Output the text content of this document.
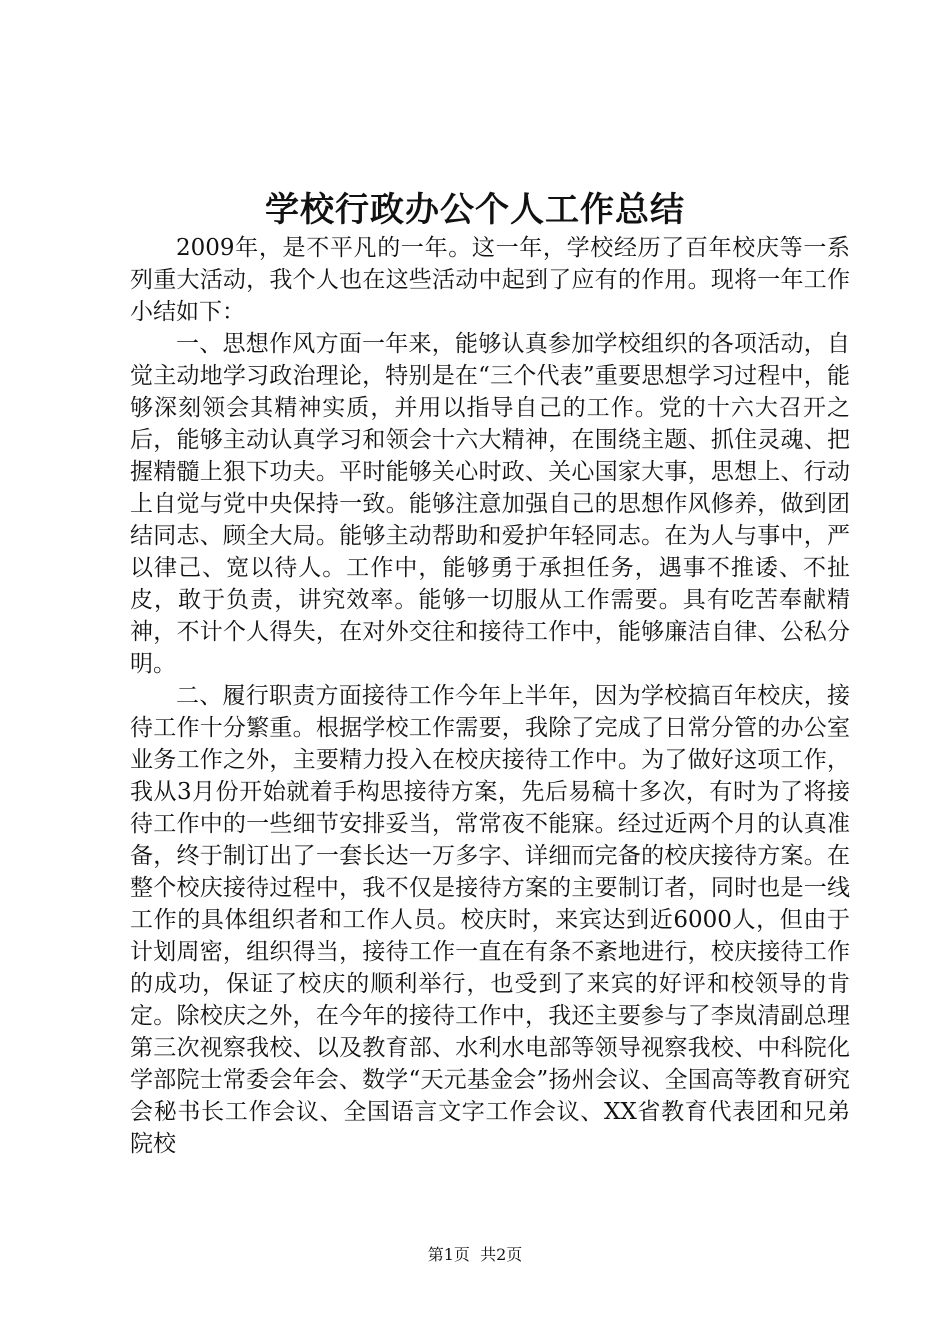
学校行政办公个人工作总结

2009年，是不平凡的一年。这一年，学校经历了百年校庆等一系列重大活动，我个人也在这些活动中起到了应有的作用。现将一年工作小结如下：

一、思想作风方面一年来，能够认真参加学校组织的各项活动，自觉主动地学习政治理论，特别是在“三个代表”重要思想学习过程中，能够深刻领会其精神实质，并用以指导自己的工作。党的十六大召开之后，能够主动认真学习和领会十六大精神，在围绕主题、抓住灵魂、把握精髓上狠下功夫。平时能够关心时政、关心国家大事，思想上、行动上自觉与党中央保持一致。能够注意加强自己的思想作风修养，做到团结同志、顾全大局。能够主动帮助和爱护年轻同志。在为人与事中，严以律己、宽以待人。工作中，能够勇于承担任务，遇事不推诿、不扯皮，敢于负责，讲究效率。能够一切服从工作需要。具有吃苦奉献精神，不计个人得失，在对外交往和接待工作中，能够廉洁自律、公私分明。

二、履行职责方面接待工作今年上半年，因为学校搞百年校庆，接待工作十分繁重。根据学校工作需要，我除了完成了日常分管的办公室业务工作之外，主要精力投入在校庆接待工作中。为了做好这项工作，我从3月份开始就着手构思接待方案，先后易稿十多次，有时为了将接待工作中的一些细节安排妥当，常常夜不能寐。经过近两个月的认真准备，终于制订出了一套长达一万多字、详细而完备的校庆接待方案。在整个校庆接待过程中，我不仅是接待方案的主要制订者，同时也是一线工作的具体组织者和工作人员。校庆时，来宾达到近6000人，但由于计划周密，组织得当，接待工作一直在有条不紊地进行，校庆接待工作的成功，保证了校庆的顺利举行，也受到了来宾的好评和校领导的肯定。除校庆之外，在今年的接待工作中，我还主要参与了李岚清副总理第三次视察我校、以及教育部、水利水电部等领导视察我校、中科院化学部院士常委会年会、数学“天元基金会”扬州会议、全国高等教育研究会秘书长工作会议、全国语言文字工作会议、XX省教育代表团和兄弟院校

第1页 共2页
